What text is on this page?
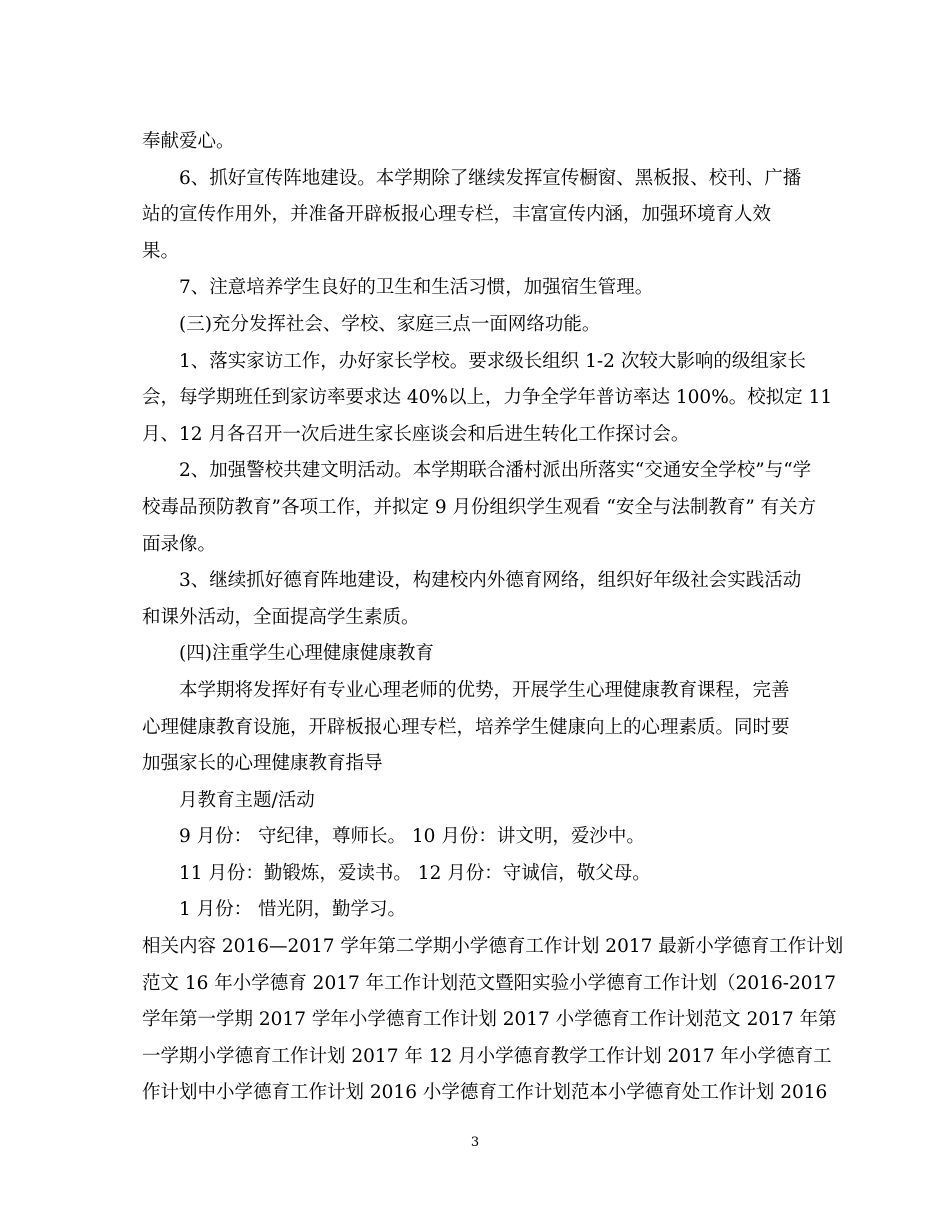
奉献爱心。
6、抓好宣传阵地建设。本学期除了继续发挥宣传橱窗、黑板报、校刊、广播
站的宣传作用外，并准备开辟板报心理专栏，丰富宣传内涵，加强环境育人效
果。
7、注意培养学生良好的卫生和生活习惯，加强宿生管理。
(三)充分发挥社会、学校、家庭三点一面网络功能。
1、落实家访工作，办好家长学校。要求级长组织 1-2 次较大影响的级组家长
会，每学期班任到家访率要求达 40%以上，力争全学年普访率达 100%。校拟定 11
月、12 月各召开一次后进生家长座谈会和后进生转化工作探讨会。
2、加强警校共建文明活动。本学期联合潘村派出所落实“交通安全学校”与“学
校毒品预防教育”各项工作，并拟定 9 月份组织学生观看 “安全与法制教育” 有关方
面录像。
3、继续抓好德育阵地建设，构建校内外德育网络，组织好年级社会实践活动
和课外活动，全面提高学生素质。
(四)注重学生心理健康健康教育
本学期将发挥好有专业心理老师的优势，开展学生心理健康教育课程，完善
心理健康教育设施，开辟板报心理专栏，培养学生健康向上的心理素质。同时要
加强家长的心理健康教育指导
月教育主题/活动
9 月份： 守纪律，尊师长。 10 月份：讲文明，爱沙中。
11 月份：勤锻炼，爱读书。 12 月份：守诚信，敬父母。
1 月份： 惜光阴，勤学习。
相关内容 2016—2017 学年第二学期小学德育工作计划 2017 最新小学德育工作计划
范文 16 年小学德育 2017 年工作计划范文暨阳实验小学德育工作计划（2016-2017
学年第一学期 2017 学年小学德育工作计划 2017 小学德育工作计划范文 2017 年第
一学期小学德育工作计划 2017 年 12 月小学德育教学工作计划 2017 年小学德育工
作计划中小学德育工作计划 2016 小学德育工作计划范本小学德育处工作计划 2016
3
